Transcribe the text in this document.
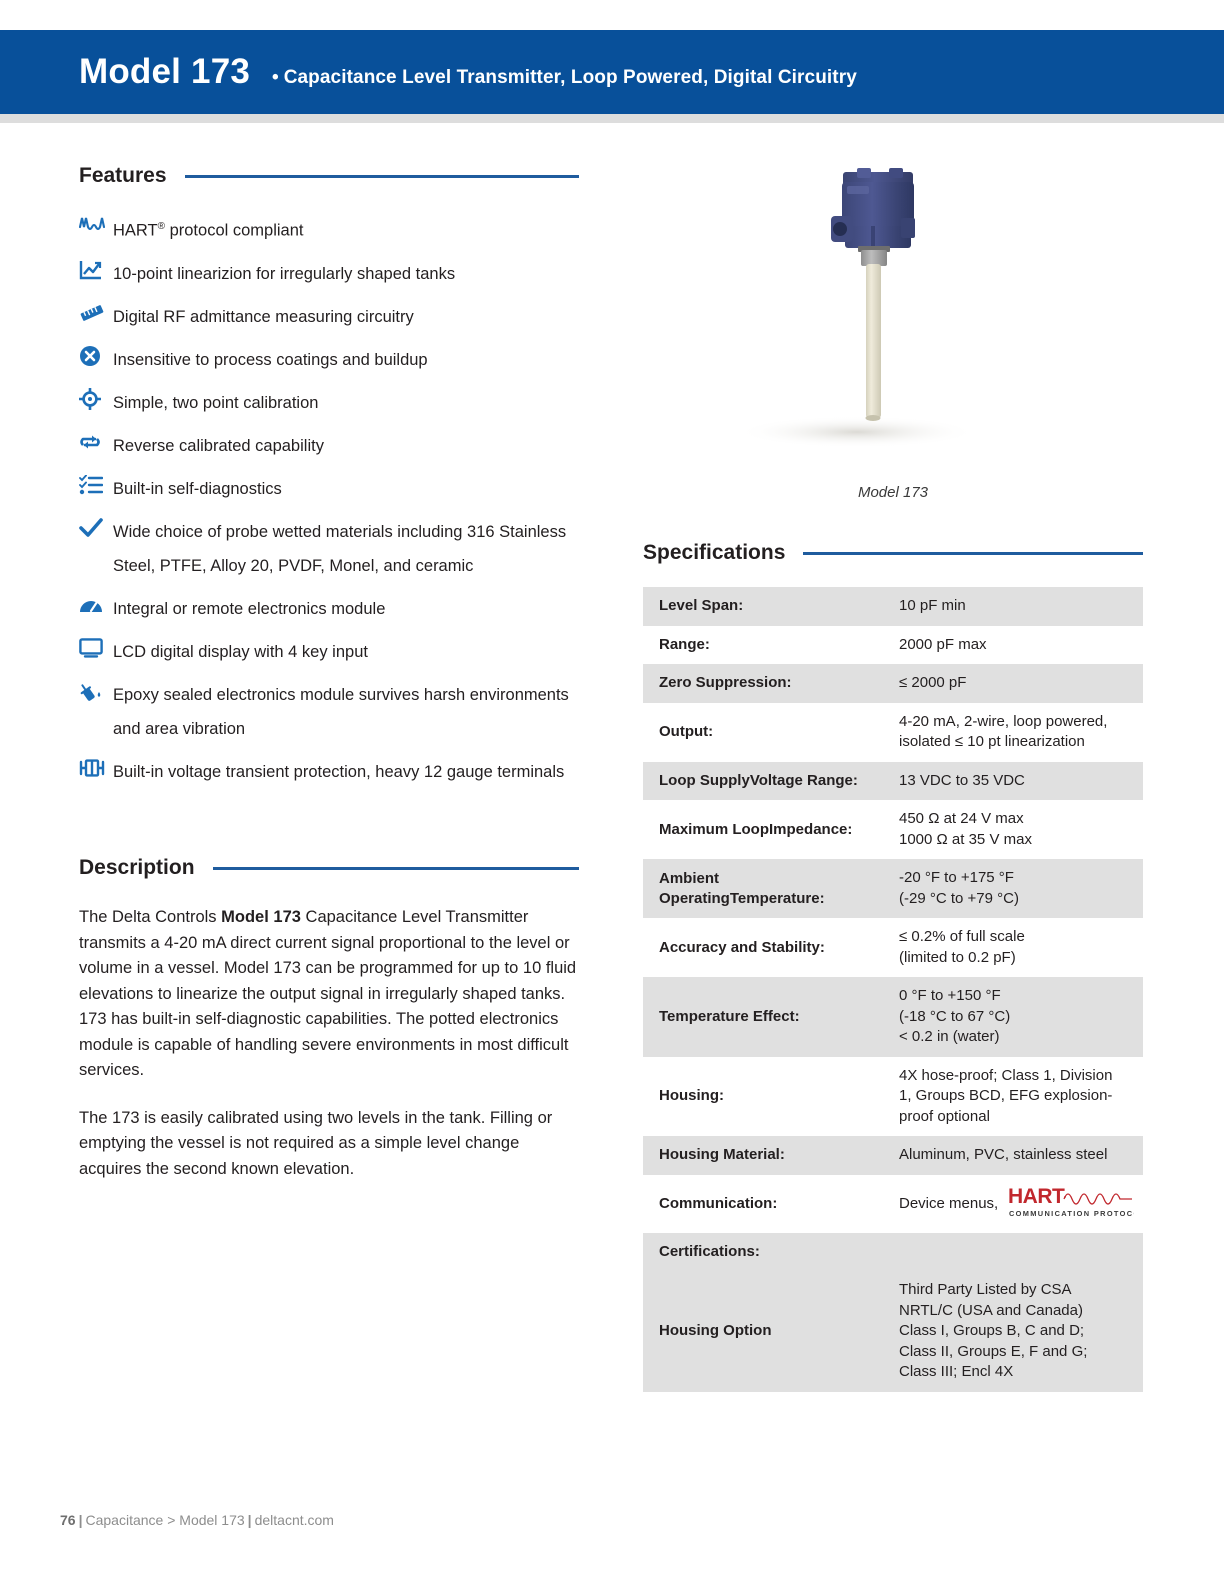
Model 173 • Capacitance Level Transmitter, Loop Powered, Digital Circuitry
Features
HART® protocol compliant
10-point linearizion for irregularly shaped tanks
Digital RF admittance measuring circuitry
Insensitive to process coatings and buildup
Simple, two point calibration
Reverse calibrated capability
Built-in self-diagnostics
Wide choice of probe wetted materials including 316 Stainless Steel, PTFE, Alloy 20, PVDF, Monel, and ceramic
Integral or remote electronics module
LCD digital display with 4 key input
Epoxy sealed electronics module survives harsh environments and area vibration
Built-in voltage transient protection, heavy 12 gauge terminals
Description

The Delta Controls Model 173 Capacitance Level Transmitter transmits a 4-20 mA direct current signal proportional to the level or volume in a vessel. Model 173 can be programmed for up to 10 fluid elevations to linearize the output signal in irregularly shaped tanks. 173 has built-in self-diagnostic capabilities. The potted electronics module is capable of handling severe environments in most difficult services.

The 173 is easily calibrated using two levels in the tank. Filling or emptying the vessel is not required as a simple level change acquires the second known elevation.

Model 173
Specifications
Level Span:	10 pF min

Range:	2000 pF max

Zero Suppression:	≤ 2000 pF

Output:	4-20 mA, 2-wire, loop powered,
isolated ≤ 10 pt linearization

Loop SupplyVoltage Range:	13 VDC to 35 VDC

Maximum LoopImpedance:	450 Ω at 24 V max
1000 Ω at 35 V max

Ambient OperatingTemperature:	-20 °F to +175 °F
(-29 °C to +79 °C)

Accuracy and Stability:	≤ 0.2% of full scale
(limited to 0.2 pF)

Temperature Effect:	0 °F to +150 °F
(-18 °C to 67 °C)
< 0.2 in (water)

Housing:	4X hose-proof; Class 1, Division
1, Groups BCD, EFG explosion-
proof optional

Housing Material:	Aluminum, PVC, stainless steel

Communication:	Device menus, HART
COMMUNICATION PROTOCOL

Certifications:	

Housing Option	Third Party Listed by CSA
NRTL/C (USA and Canada)
Class I, Groups B, C and D;
Class II, Groups E, F and G;
Class III; Encl 4X
76 | Capacitance > Model 173 | deltacnt.com
